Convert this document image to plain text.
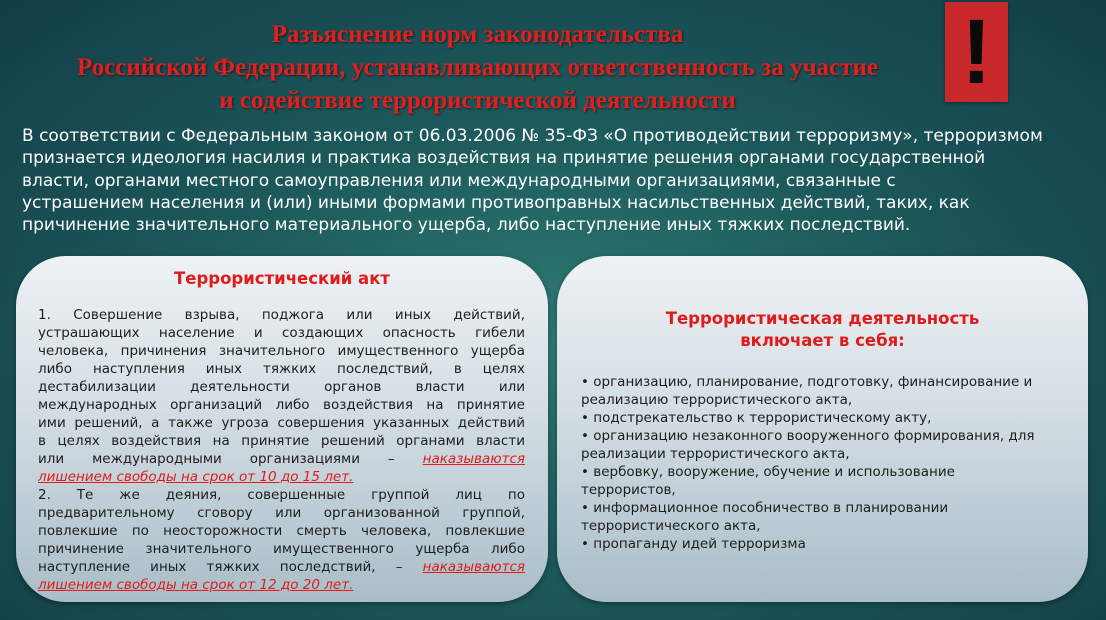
Разъяснение норм законодательства
Российской Федерации, устанавливающих ответственность за участие
и содействие террористической деятельности	!
В соответствии с Федеральным законом от 06.03.2006 № 35-ФЗ «О противодействии терроризму», терроризмом
признается идеология насилия и практика воздействия на принятие решения органами государственной
власти, органами местного самоуправления или международными организациями, связанные с
устрашением населения и (или) иными формами противоправных насильственных действий, таких, как
причинение значительного материального ущерба, либо наступление иных тяжких последствий.
Террористический акт
1. Совершение взрыва, поджога или иных действий,
устрашающих население и создающих опасность гибели
человека, причинения значительного имущественного ущерба
либо наступления иных тяжких последствий, в целях
дестабилизации деятельности органов власти или
международных организаций либо воздействия на принятие
ими решений, а также угроза совершения указанных действий
в целях воздействия на принятие решений органами власти
или международными организациями – наказываются
лишением свободы на срок от 10 до 15 лет.
2. Те же деяния, совершенные группой лиц по
предварительному сговору или организованной группой,
повлекшие по неосторожности смерть человека, повлекшие
причинение значительного имущественного ущерба либо
наступление иных тяжких последствий, – наказываются
лишением свободы на срок от 12 до 20 лет.
Террористическая деятельность
включает в себя:
• организацию, планирование, подготовку, финансирование и
реализацию террористического акта,
• подстрекательство к террористическому акту,
• организацию незаконного вооруженного формирования, для
реализации террористического акта,
• вербовку, вооружение, обучение и использование
террористов,
• информационное пособничество в планировании
террористического акта,
• пропаганду идей терроризма
